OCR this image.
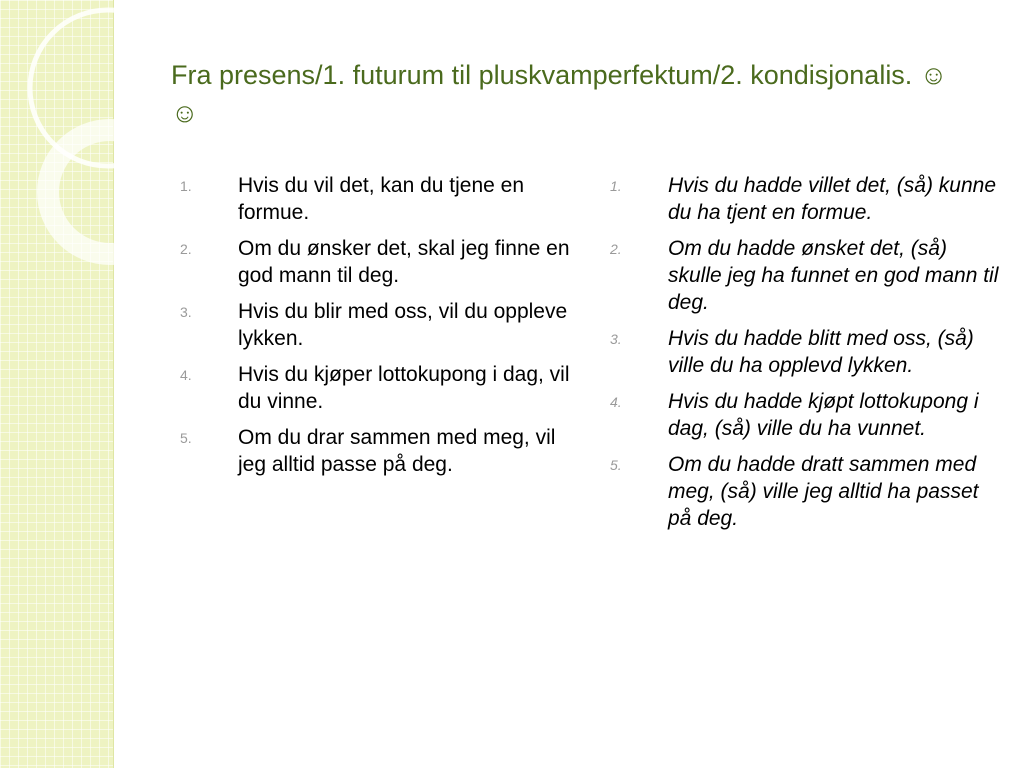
Fra presens/1. futurum til pluskvamperfektum/2. kondisjonalis. ☺☺
1. Hvis du vil det, kan du tjene en formue.
2. Om du ønsker det, skal jeg finne en god mann til deg.
3. Hvis du blir med oss, vil du oppleve lykken.
4. Hvis du kjøper lottokupong i dag, vil du vinne.
5. Om du drar sammen med meg, vil jeg alltid passe på deg.
1. Hvis du hadde villet det, (så) kunne du ha tjent en formue.
2. Om du hadde ønsket det, (så) skulle jeg ha funnet en god mann til deg.
3. Hvis du hadde blitt med oss, (så) ville du ha opplevd lykken.
4. Hvis du hadde kjøpt lottokupong i dag, (så) ville du ha vunnet.
5. Om du hadde dratt sammen med meg, (så) ville jeg alltid ha passet på deg.
